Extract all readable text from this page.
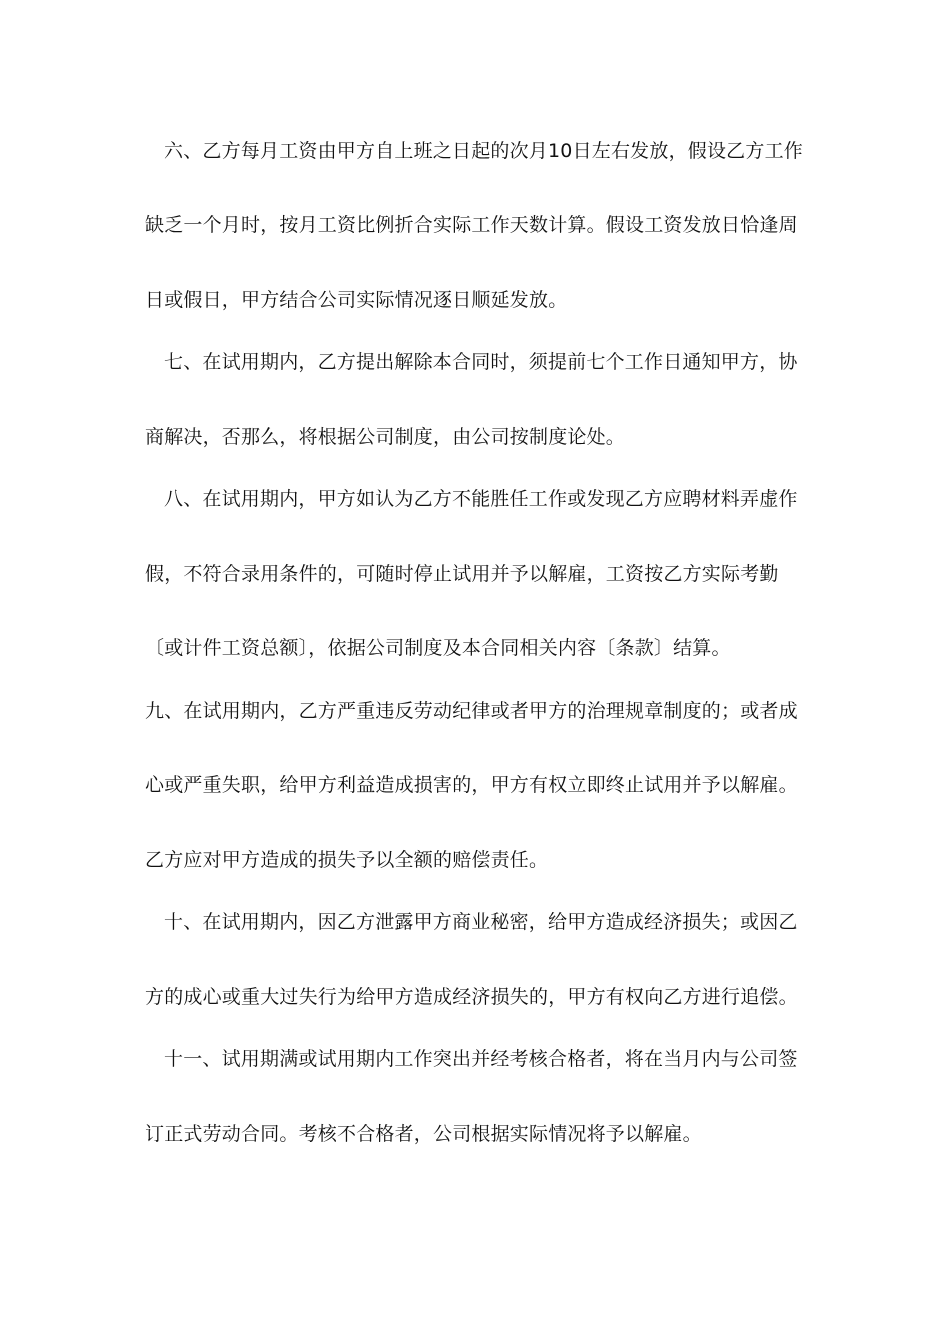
六、乙方每月工资由甲方自上班之日起的次月10日左右发放，假设乙方工作
缺乏一个月时，按月工资比例折合实际工作天数计算。假设工资发放日恰逢周
日或假日，甲方结合公司实际情况逐日顺延发放。
七、在试用期内，乙方提出解除本合同时，须提前七个工作日通知甲方，协
商解决，否那么，将根据公司制度，由公司按制度论处。
八、在试用期内，甲方如认为乙方不能胜任工作或发现乙方应聘材料弄虚作
假，不符合录用条件的，可随时停止试用并予以解雇，工资按乙方实际考勤
〔或计件工资总额〕，依据公司制度及本合同相关内容〔条款〕结算。
九、在试用期内，乙方严重违反劳动纪律或者甲方的治理规章制度的；或者成
心或严重失职，给甲方利益造成损害的，甲方有权立即终止试用并予以解雇。
乙方应对甲方造成的损失予以全额的赔偿责任。
十、在试用期内，因乙方泄露甲方商业秘密，给甲方造成经济损失；或因乙
方的成心或重大过失行为给甲方造成经济损失的，甲方有权向乙方进行追偿。
十一、试用期满或试用期内工作突出并经考核合格者，将在当月内与公司签
订正式劳动合同。考核不合格者，公司根据实际情况将予以解雇。
